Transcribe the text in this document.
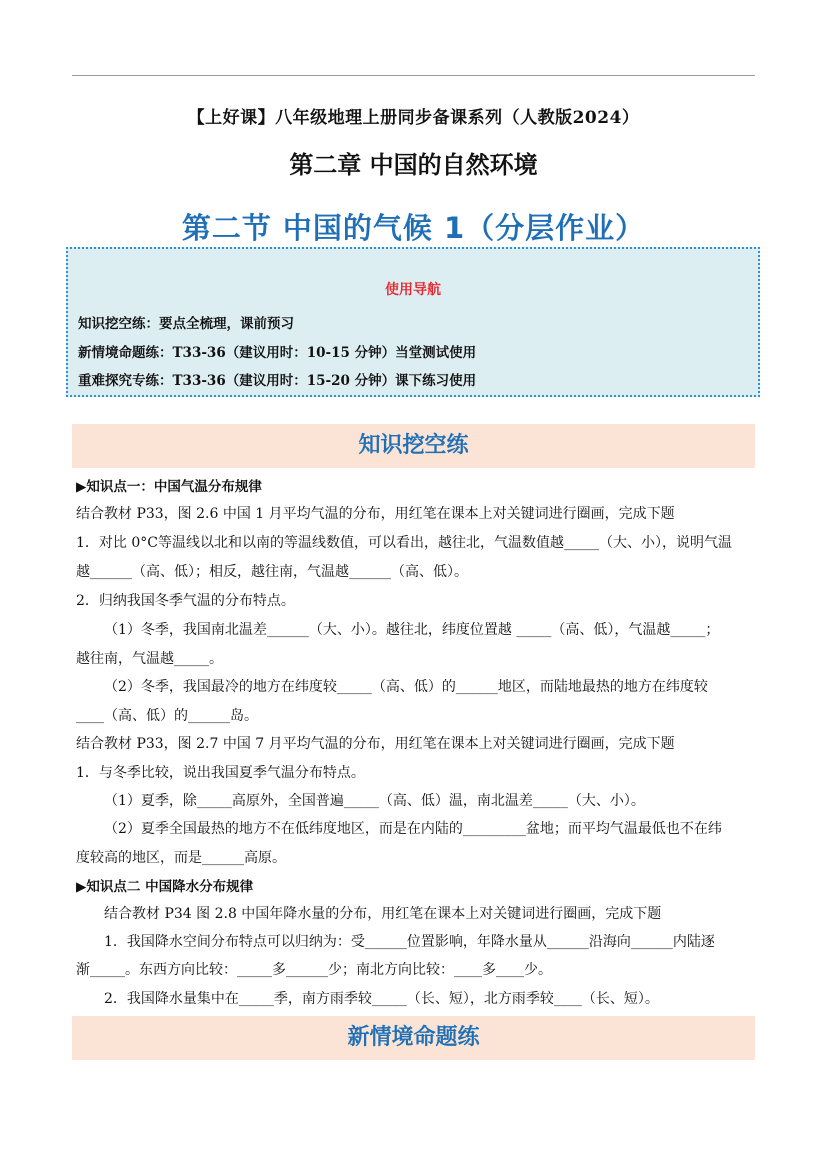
【上好课】八年级地理上册同步备课系列（人教版2024）
第二章 中国的自然环境
第二节 中国的气候 1（分层作业）
使用导航
知识挖空练：要点全梳理，课前预习
新情境命题练：T33-36（建议用时：10-15 分钟）当堂测试使用
重难探究专练：T33-36（建议用时：15-20 分钟）课下练习使用
知识挖空练
▶知识点一：中国气温分布规律
结合教材 P33，图 2.6 中国 1 月平均气温的分布，用红笔在课本上对关键词进行圈画，完成下题
1．对比 0°C等温线以北和以南的等温线数值，可以看出，越往北，气温数值越_____（大、小），说明气温
越______（高、低）；相反，越往南，气温越______（高、低）。
2．归纳我国冬季气温的分布特点。
（1）冬季，我国南北温差______（大、小）。越往北，纬度位置越 _____（高、低），气温越_____；
越往南，气温越_____。
（2）冬季，我国最冷的地方在纬度较_____（高、低）的______地区，而陆地最热的地方在纬度较
____（高、低）的______岛。
结合教材 P33，图 2.7 中国 7 月平均气温的分布，用红笔在课本上对关键词进行圈画，完成下题
1．与冬季比较，说出我国夏季气温分布特点。
（1）夏季，除_____高原外，全国普遍_____（高、低）温，南北温差_____（大、小）。
（2）夏季全国最热的地方不在低纬度地区，而是在内陆的_________盆地；而平均气温最低也不在纬
度较高的地区，而是______高原。
▶知识点二 中国降水分布规律
结合教材 P34 图 2.8 中国年降水量的分布，用红笔在课本上对关键词进行圈画，完成下题
1．我国降水空间分布特点可以归纳为：受______位置影响，年降水量从______沿海向______内陆逐
渐_____。东西方向比较：_____多______少；南北方向比较：____多____少。
2．我国降水量集中在_____季，南方雨季较_____（长、短），北方雨季较____（长、短）。
新情境命题练
